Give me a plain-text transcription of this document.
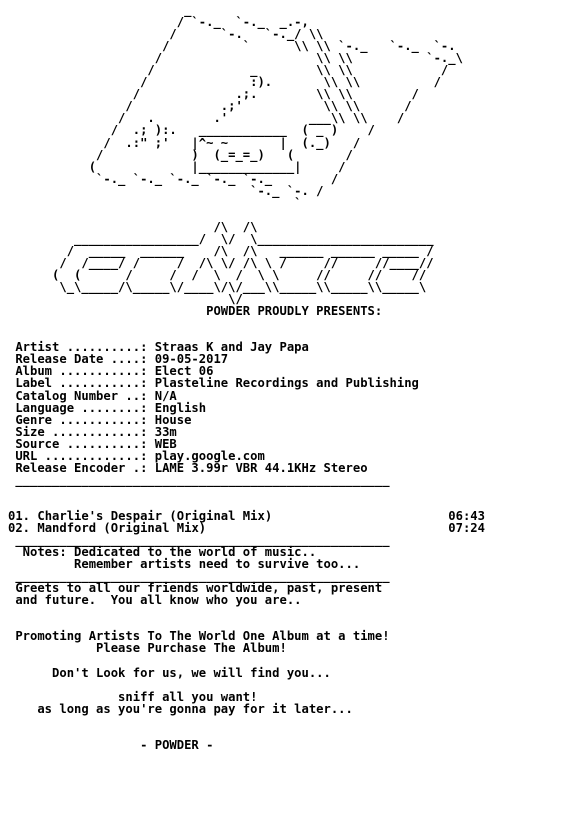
_
/ `-._  `-._  _.-,
/      `-.   `-._/ \\
/          `      \\ \\ `-._   `-._  `-.
/                     \\ \\          `-._\
/             _        \\ \\            /
/              :).       \\ \\          /
/             .;.        \\ \\        /
/            .;'           \\ \\      /
/   .        .'           ___\\ \\    /
/  .; ):.   ____________  ( _ )    /
/  .:" ;'   |^~ ~       |  (._)   /
/            )  (_=_=_)   (       /
(             |_____________|     /
`-._ `-._ `-._ `-._ `-._        /
`-._ `-. /
`

/\  /\
_________________/  \/  \________________________
/  _____  ______    /\  /\   ______ ______ _____ /
/  /____/ /     /  /\ \/ /\ \ /     //     //____//
(  (      /     /  /  \  /  \ \     //     //    //
\_\_____/\_____\/____\/\/___\\_____\\_____\\_____\
\/
POWDER PROUDLY PRESENTS:

Artist ..........: Straas K and Jay Papa
Release Date ....: 09-05-2017
Album ...........: Elect 06
Label ...........: Plasteline Recordings and Publishing
Catalog Number ..: N/A
Language ........: English
Genre ...........: House
Size ............: 33m
Source ..........: WEB
URL .............: play.google.com
Release Encoder .: LAME 3.99r VBR 44.1KHz Stereo
___________________________________________________

01. Charlie's Despair (Original Mix)	06:43
02. Mandford (Original Mix)	07:24
___________________________________________________
Notes: Dedicated to the world of music..
Remember artists need to survive too...
___________________________________________________
Greets to all our friends worldwide, past, present
and future.  You all know who you are..

Promoting Artists To The World One Album at a time!
Please Purchase The Album!

Don't Look for us, we will find you...

sniff all you want!
as long as you're gonna pay for it later...

- POWDER -
